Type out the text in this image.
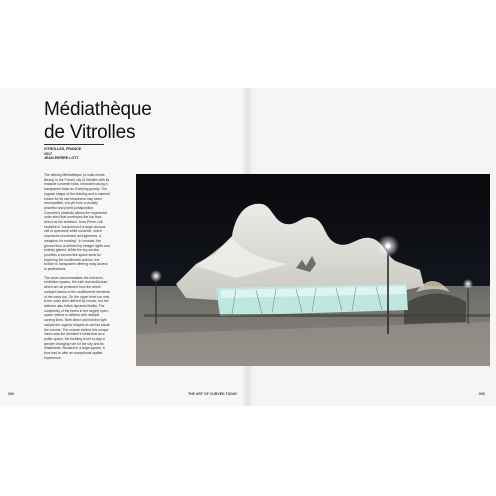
Médiathèque
de Vitrolles
VITROLLES, FRANCE
2017
JEAN-PIERRE LOTT

The striking Médiathèque (a multi-media library) in the French city of Vitrolles with its massive concrete folds, meanders along a transparent base as if defying gravity. The organic shape of the building and a material known for its raw heaviness may seem incompatible, but yet form a visually powerful and poetic juxtaposition. Concrete's plasticity allows the expressive outer shell that envelopes the top floor, which as the architect, Jean-Pierre Lott explains is "composed of a large sinuous veil of openwork white concrete, which expresses movement and lightness, a metaphor for reading". In contrast, the ground floor is defined by straight lights and entirely glazed. While the top section provides a cocoon-like space ideal for exploring the multimedia archive, the bottom is transparent offering easy access to pedestrians.

The lower accommodates the entrance, exhibition spaces, the café and auditorium, which are all protected from the direct sunlight thanks to the cantilevered elements of the wavy top. On the upper level not only is the outer shell defined by curves, but the interiors also follow dynamic fluidity. The complexity of the forms in the largely open-space interior is defined with multiple curving lines. Both direct and indirect light sculpts the organic shapes as well as inside the volume. The muscle behind this unique vision was the architect's belief that as a public space, the building is set to play a greater changing role for the city and its inhabitants. Situated in a large square, it thus had to offer an exceptional spatial experience.

000	THE ART OF CURVED TODAY	000
